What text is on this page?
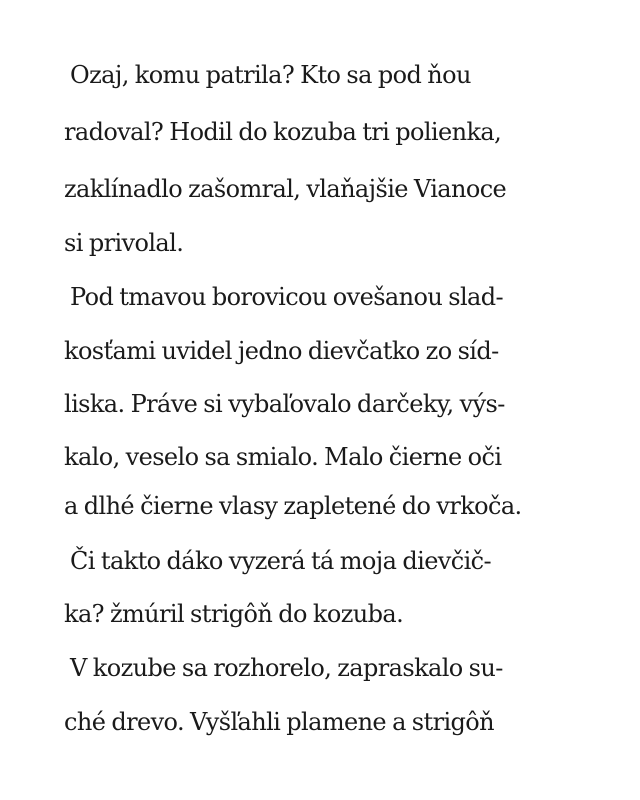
Ozaj, komu patrila? Kto sa pod ňou
radoval? Hodil do kozuba tri polienka,
zaklínadlo zašomral, vlaňajšie Vianoce
si privolal.
Pod tmavou borovicou ovešanou slad-
kosťami uvidel jedno dievčatko zo síd-
liska. Práve si vybaľovalo darčeky, výs-
kalo, veselo sa smialo. Malo čierne oči
a dlhé čierne vlasy zapletené do vrkoča.
Či takto dáko vyzerá tá moja dievčič-
ka? žmúril strigôň do kozuba.
V kozube sa rozhorelo, zapraskalo su-
ché drevo. Vyšľahli plamene a strigôň
